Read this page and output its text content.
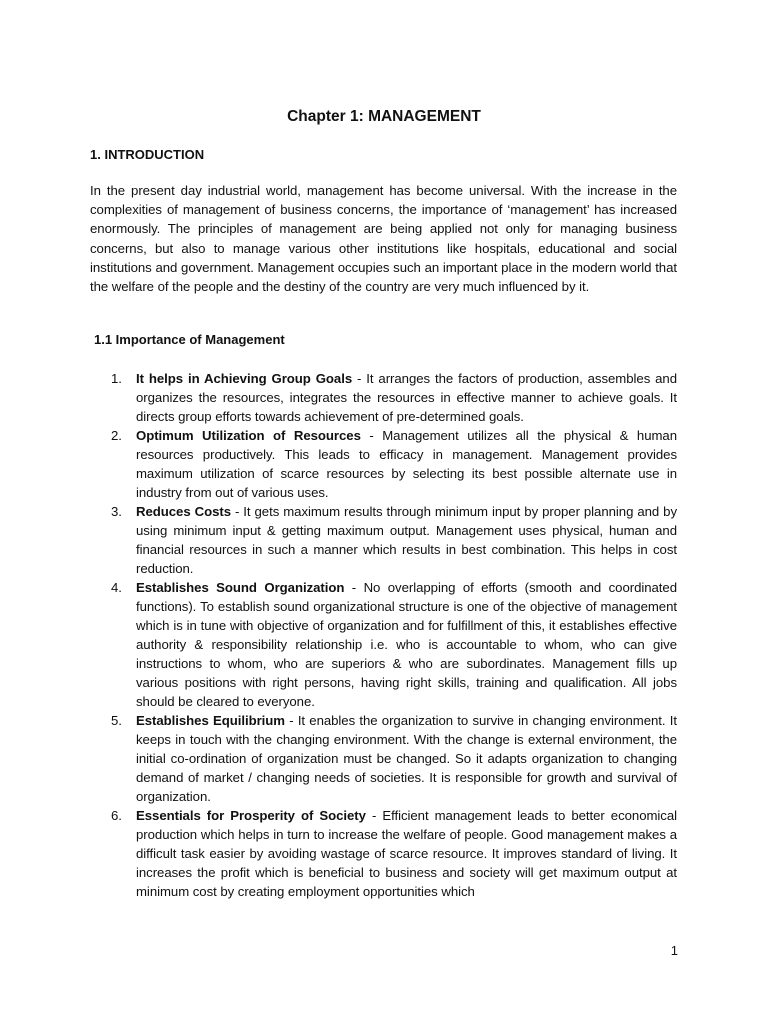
Chapter 1: MANAGEMENT
1. INTRODUCTION

In the present day industrial world, management has become universal. With the increase in the complexities of management of business concerns, the importance of ‘management’ has increased enormously. The principles of management are being applied not only for managing business concerns, but also to manage various other institutions like hospitals, educational and social institutions and government. Management occupies such an important place in the modern world that the welfare of the people and the destiny of the country are very much influenced by it.

1.1 Importance of Management
1.	It helps in Achieving Group Goals - It arranges the factors of production, assembles and organizes the resources, integrates the resources in effective manner to achieve goals. It directs group efforts towards achievement of pre-determined goals.
2.	Optimum Utilization of Resources - Management utilizes all the physical & human resources productively. This leads to efficacy in management. Management provides maximum utilization of scarce resources by selecting its best possible alternate use in industry from out of various uses.
3.	Reduces Costs - It gets maximum results through minimum input by proper planning and by using minimum input & getting maximum output. Management uses physical, human and financial resources in such a manner which results in best combination. This helps in cost reduction.
4.	Establishes Sound Organization - No overlapping of efforts (smooth and coordinated functions). To establish sound organizational structure is one of the objective of management which is in tune with objective of organization and for fulfillment of this, it establishes effective authority & responsibility relationship i.e. who is accountable to whom, who can give instructions to whom, who are superiors & who are subordinates. Management fills up various positions with right persons, having right skills, training and qualification. All jobs should be cleared to everyone.
5.	Establishes Equilibrium - It enables the organization to survive in changing environment. It keeps in touch with the changing environment. With the change is external environment, the initial co-ordination of organization must be changed. So it adapts organization to changing demand of market / changing needs of societies. It is responsible for growth and survival of organization.
6.	Essentials for Prosperity of Society - Efficient management leads to better economical production which helps in turn to increase the welfare of people. Good management makes a difficult task easier by avoiding wastage of scarce resource. It improves standard of living. It increases the profit which is beneficial to business and society will get maximum output at minimum cost by creating employment opportunities which
1
